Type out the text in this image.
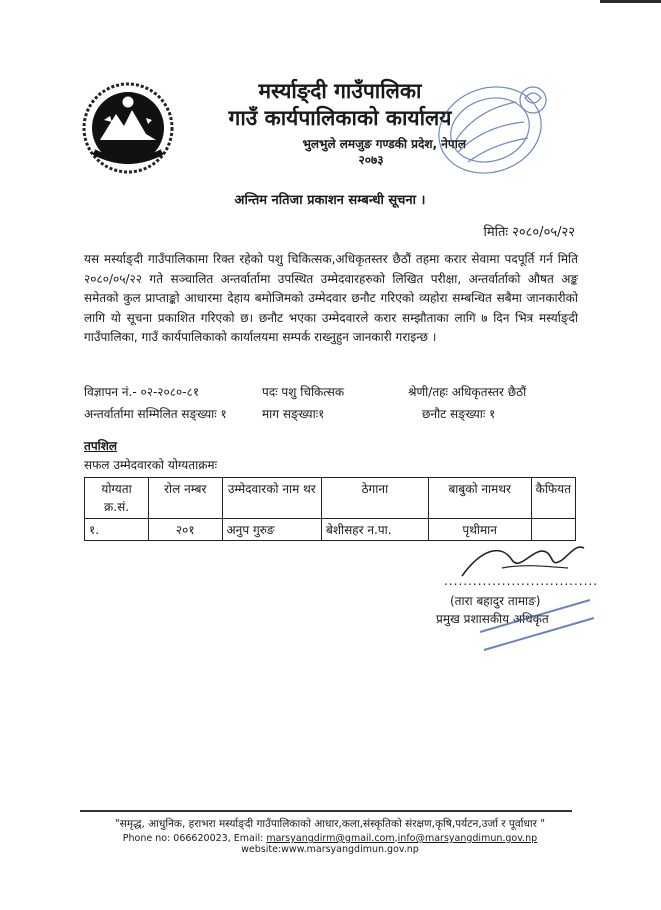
मर्स्याङ्दी गाउँपालिका
गाउँ कार्यपालिकाको कार्यालय
भुलभुले लमजुङ गण्डकी प्रदेश, नेपाल
२०७३
अन्तिम नतिजा प्रकाशन सम्बन्धी सूचना ।
मितिः २०८०/०५/२२
यस मर्स्याङ्दी गाउँपालिकामा रिक्त रहेको पशु चिकित्सक,अधिकृतस्तर छैठौं तहमा करार सेवामा पदपूर्ति गर्न मिति २०८०/०५/२२ गते सञ्चालित अन्तर्वार्तामा उपस्थित उम्मेदवारहरुको लिखित परीक्षा, अन्तर्वार्ताको औषत अङ्क समेतको कुल प्राप्ताङ्को आधारमा देहाय बमोजिमको उम्मेदवार छनौट गरिएको व्यहोरा सम्बन्धित सबैमा जानकारीको लागि यो सूचना प्रकाशित गरिएको छ। छनौट भएका उम्मेदवारले करार सम्झौताका लागि ७ दिन भित्र मर्स्याङ्दी गाउँपालिका, गाउँ कार्यपालिकाको कार्यालयमा सम्पर्क राख्नुहुन जानकारी गराइन्छ ।
विज्ञापन नं.- ०२-२०८०-८१	पदः पशु चिकित्सक	श्रेणी/तहः अधिकृतस्तर छैठौं
अन्तर्वार्तामा सम्मिलित सङ्ख्याः १	माग सङ्ख्याः१	छनौट सङ्ख्याः १
तपशिल
सफल उम्मेदवारको योग्यताक्रमः
योग्यता क्र.सं.	रोल नम्बर	उम्मेदवारको नाम थर	ठेगाना	बाबुको नामथर	कैफियत
१.	२०१	अनुप गुरुङ	बेशीसहर न.पा.	पृथीमान	
................................
(तारा बहादुर तामाङ)
प्रमुख प्रशासकीय अधिकृत
"समृद्ध, आधुनिक, हराभरा मर्स्याङ्दी गाउँपालिकाको आधार,कला,संस्कृतिको संरक्षण,कृषि,पर्यटन,उर्जा र पूर्वाधार "
Phone no: 066620023, Email: marsyangdirm@gmail.com,info@marsyangdimun.gov.np website:www.marsyangdimun.gov.np
